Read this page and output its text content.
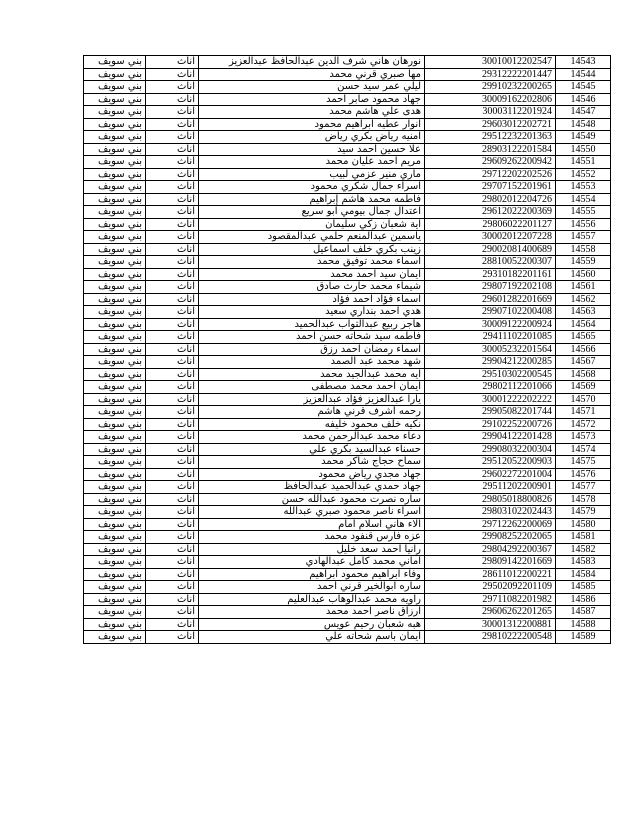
بني سويف	اناث	نورهان هاني شرف الدين عبدالحافظ عبدالعزيز	30010012202547	14543
بني سويف	اناث	مها صبري قرني محمد	29312222201447	14544
بني سويف	اناث	ليلي عمر سيد حسن	29910232200265	14545
بني سويف	اناث	جهاد محمود صابر احمد	30009162202806	14546
بني سويف	اناث	هدى علي هاشم محمد	30003112201924	14547
بني سويف	اناث	انوار عطيه ابراهيم محمود	29603012202721	14548
بني سويف	اناث	امنيه رياض بكري رياض	29512232201363	14549
بني سويف	اناث	علا حسين احمد سيد	28903122201584	14550
بني سويف	اناث	مريم احمد عليان محمد	29609262200942	14551
بني سويف	اناث	ماري منير عزمي لبيب	29712202202526	14552
بني سويف	اناث	اسراء جمال شكري محمود	29707152201961	14553
بني سويف	اناث	فاطمه محمد هاشم إبراهيم	29802012204726	14554
بني سويف	اناث	اعتدال جمال بيومي ابو سريع	29612022200369	14555
بني سويف	اناث	اية شعبان زكي سليمان	29806022201127	14556
بني سويف	اناث	ياسمين عبدالمنعم حلمي عبدالمقصود	30002012207228	14557
بني سويف	اناث	زينب بكري خلف اسماعيل	29002081400689	14558
بني سويف	اناث	اسماء محمد توفيق محمد	28810052200307	14559
بني سويف	اناث	ايمان سيد احمد محمد	29310182201161	14560
بني سويف	اناث	شيماء محمد حارث صادق	29807192202108	14561
بني سويف	اناث	اسماء فؤاد احمد فؤاد	29601282201669	14562
بني سويف	اناث	هدي احمد بنداري سعيد	29907102200408	14563
بني سويف	اناث	هاجر ربيع عبدالتواب عبدالحميد	30009122200924	14564
بني سويف	اناث	فاطمه سيد شحاته حسن احمد	29411102201085	14565
بني سويف	اناث	اسماء رمضان احمد رزق	30005232201564	14566
بني سويف	اناث	شهد محمد عبد الصمد	29904212200285	14567
بني سويف	اناث	ايه محمد عبدالجيد محمد	29510302200545	14568
بني سويف	اناث	ايمان احمد محمد مصطفى	29802112201066	14569
بني سويف	اناث	يارا عبدالعزيز فؤاد عبدالعزيز	30001222202222	14570
بني سويف	اناث	رحمه أشرف قرني هاشم	29905082201744	14571
بني سويف	اناث	نكيه خلف محمود خليفه	29102252200726	14572
بني سويف	اناث	دعاء محمد عبدالرحمن محمد	29904122201428	14573
بني سويف	اناث	حسناء عبدالسيد بكري علي	29908032200304	14574
بني سويف	اناث	سماح حجاج شاكر محمد	29512052200903	14575
بني سويف	اناث	جهاد مجدي رياض محمود	29602272201004	14576
بني سويف	اناث	جهاد حمدي عبدالحميد عبدالحافظ	29511202200901	14577
بني سويف	اناث	ساره نصرت محمود عبدالله حسن	29805018800826	14578
بني سويف	اناث	اسراء ناصر محمود صبري عبدالله	29803102202443	14579
بني سويف	اناث	الاء هاني اسلام امام	29712262200069	14580
بني سويف	اناث	عزه فارس قنفود محمد	29908252202065	14581
بني سويف	اناث	رانيا احمد سعد خليل	29804292200367	14582
بني سويف	اناث	اماني محمد كامل عبدالهادي	29809142201669	14583
بني سويف	اناث	وفاء ابراهيم محمود ابراهيم	28611012200221	14584
بني سويف	اناث	ساره ابوالخير قرني احمد	29502092201109	14585
بني سويف	اناث	راويه محمد عبدالوهاب عبدالعليم	29711082201982	14586
بني سويف	اناث	ارزاق ناصر احمد محمد	29606262201265	14587
بني سويف	اناث	هبه شعبان رحيم عويس	30001312200881	14588
بني سويف	اناث	ايمان باسم شحاته علي	29810222200548	14589
